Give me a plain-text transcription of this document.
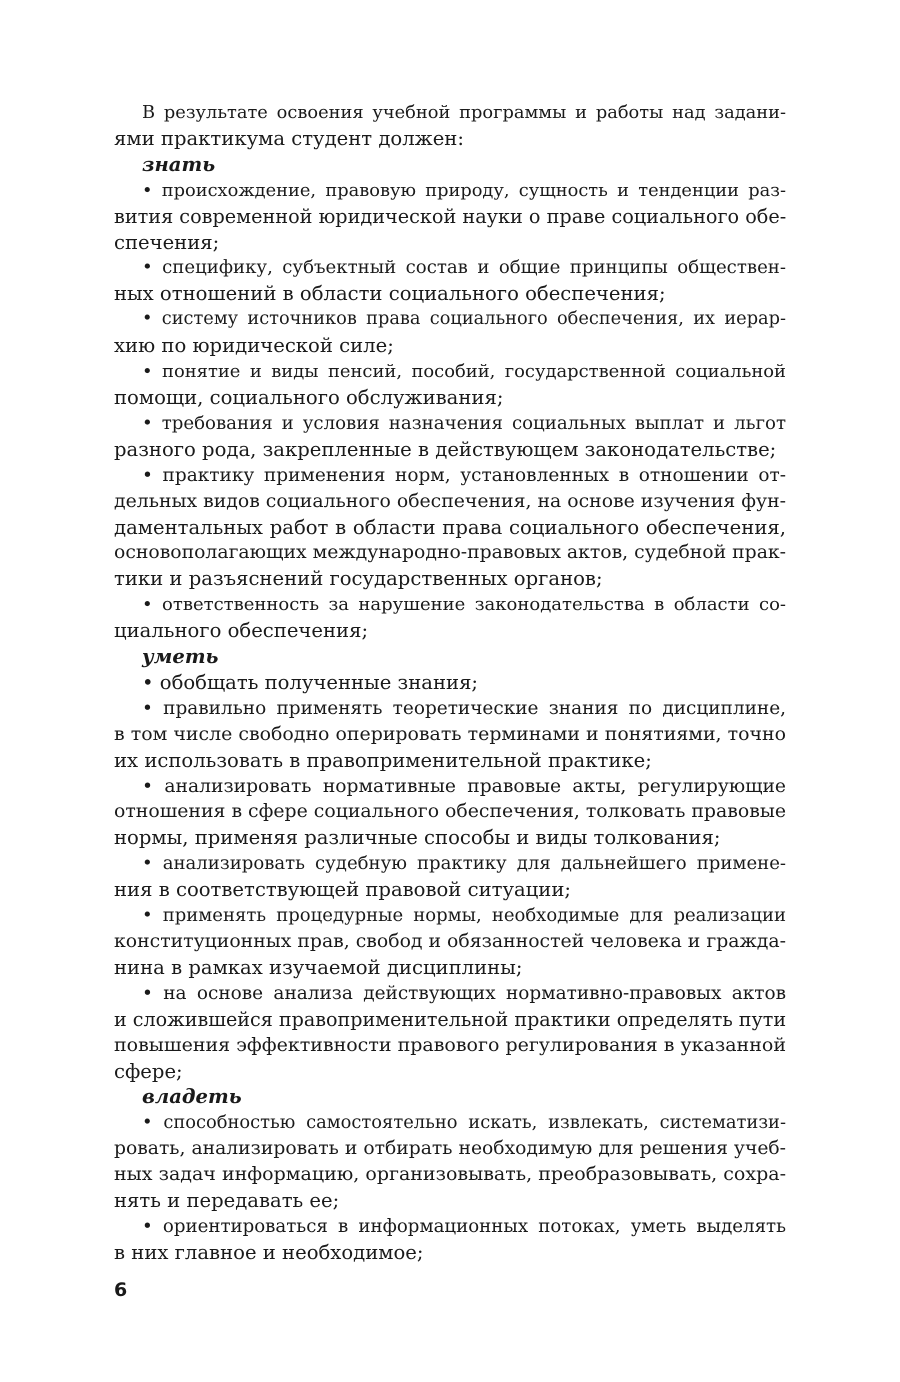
В результате освоения учебной программы и работы над задани-
ями практикума студент должен:
знать
• происхождение, правовую природу, сущность и тенденции раз-
вития современной юридической науки о праве социального обе-
спечения;
• специфику, субъектный состав и общие принципы обществен-
ных отношений в области социального обеспечения;
• систему источников права социального обеспечения, их иерар-
хию по юридической силе;
• понятие и виды пенсий, пособий, государственной социальной
помощи, социального обслуживания;
• требования и условия назначения социальных выплат и льгот
разного рода, закрепленные в действующем законодательстве;
• практику применения норм, установленных в отношении от-
дельных видов социального обеспечения, на основе изучения фун-
даментальных работ в области права социального обеспечения,
основополагающих международно-правовых актов, судебной прак-
тики и разъяснений государственных органов;
• ответственность за нарушение законодательства в области со-
циального обеспечения;
уметь
• обобщать полученные знания;
• правильно применять теоретические знания по дисциплине,
в том числе свободно оперировать терминами и понятиями, точно
их использовать в правоприменительной практике;
• анализировать нормативные правовые акты, регулирующие
отношения в сфере социального обеспечения, толковать правовые
нормы, применяя различные способы и виды толкования;
• анализировать судебную практику для дальнейшего примене-
ния в соответствующей правовой ситуации;
• применять процедурные нормы, необходимые для реализации
конституционных прав, свобод и обязанностей человека и гражда-
нина в рамках изучаемой дисциплины;
• на основе анализа действующих нормативно-правовых актов
и сложившейся правоприменительной практики определять пути
повышения эффективности правового регулирования в указанной
сфере;
владеть
• способностью самостоятельно искать, извлекать, систематизи-
ровать, анализировать и отбирать необходимую для решения учеб-
ных задач информацию, организовывать, преобразовывать, сохра-
нять и передавать ее;
• ориентироваться в информационных потоках, уметь выделять
в них главное и необходимое;
6
